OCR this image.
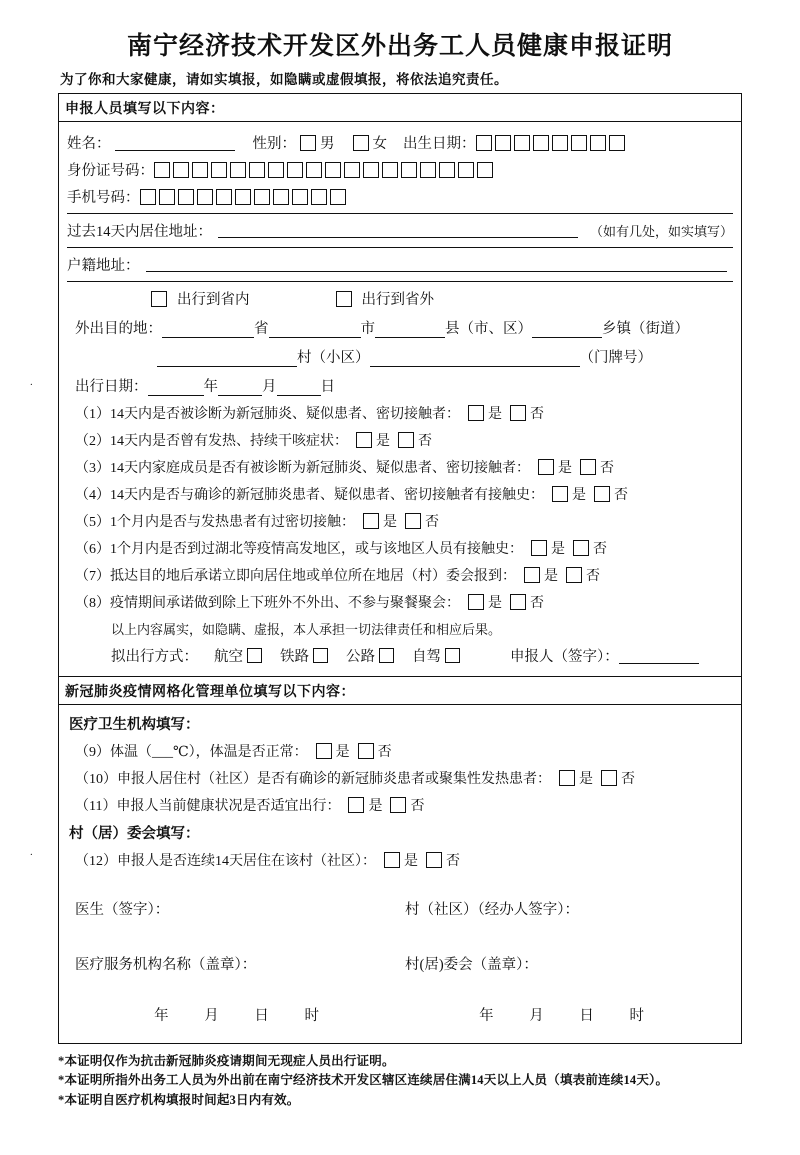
南宁经济技术开发区外出务工人员健康申报证明
为了你和大家健康，请如实填报，如隐瞒或虚假填报，将依法追究责任。
申报人员填写以下内容：
姓名：	性别： 男	女 出生日期：
身份证号码：
手机号码：
过去14天内居住地址：	（如有几处，如实填写）
户籍地址：
出行到省内	出行到省外
外出目的地：	省	市	县（市、区）	乡镇（街道）
村（小区）	（门牌号）
出行日期：	年	月	日
（1）14天内是否被诊断为新冠肺炎、疑似患者、密切接触者： 是 否
（2）14天内是否曾有发热、持续干咳症状： 是 否
（3）14天内家庭成员是否有被诊断为新冠肺炎、疑似患者、密切接触者： 是 否
（4）14天内是否与确诊的新冠肺炎患者、疑似患者、密切接触者有接触史： 是 否
（5）1个月内是否与发热患者有过密切接触： 是 否
（6）1个月内是否到过湖北等疫情高发地区，或与该地区人员有接触史： 是 否
（7）抵达目的地后承诺立即向居住地或单位所在地居（村）委会报到： 是 否
（8）疫情期间承诺做到除上下班外不外出、不参与聚餐聚会： 是 否
以上内容属实，如隐瞒、虚报，本人承担一切法律责任和相应后果。
拟出行方式： 航空	铁路	公路	自驾	申报人（签字）：
新冠肺炎疫情网格化管理单位填写以下内容：
医疗卫生机构填写：
（9）体温（___℃），体温是否正常： 是 否
（10）申报人居住村（社区）是否有确诊的新冠肺炎患者或聚集性发热患者： 是 否
（11）申报人当前健康状况是否适宜出行： 是 否
村（居）委会填写：
（12）申报人是否连续14天居住在该村（社区）： 是 否
医生（签字）：	村（社区）（经办人签字）：
医疗服务机构名称（盖章）：	村(居)委会（盖章）：
年 月 日 时	年 月 日 时
*本证明仅作为抗击新冠肺炎疫请期间无现症人员出行证明。
*本证明所指外出务工人员为外出前在南宁经济技术开发区辖区连续居住满14天以上人员（填表前连续14天）。
*本证明自医疗机构填报时间起3日内有效。
.
.
